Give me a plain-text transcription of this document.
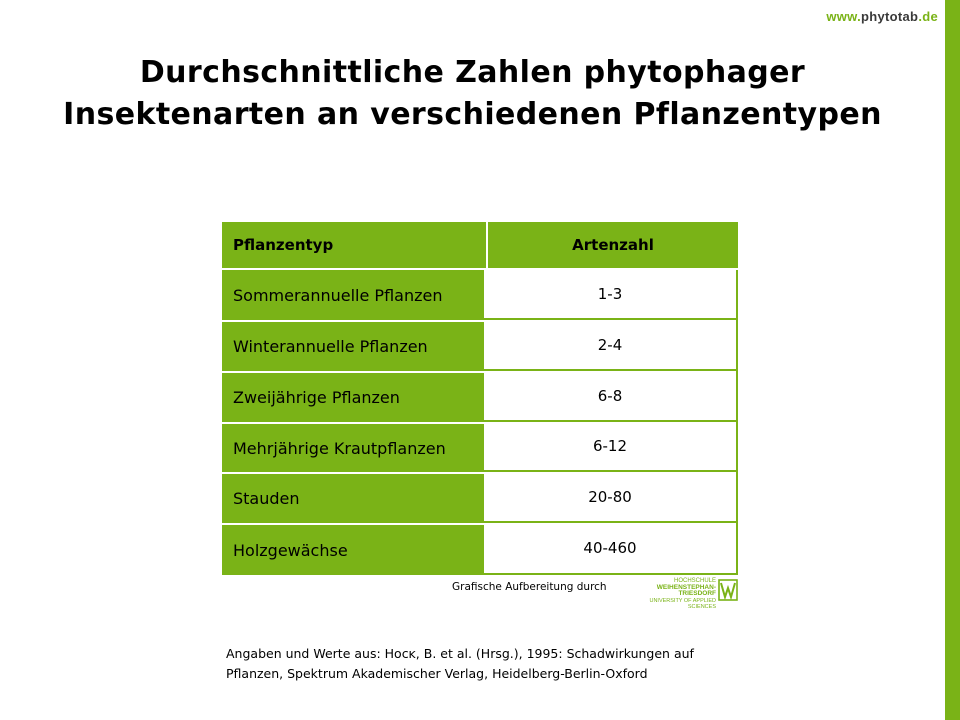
www.phytotab.de
Durchschnittliche Zahlen phytophager
Insektenarten an verschiedenen Pflanzentypen
Pflanzentyp	Artenzahl
Sommerannuelle Pflanzen	1-3
Winterannuelle Pflanzen	2-4
Zweijährige Pflanzen	6-8
Mehrjährige Krautpflanzen	6-12
Stauden	20-80
Holzgewächse	40-460
Grafische Aufbereitung durch	HOCHSCHULE
WEIHENSTEPHAN-TRIESDORF
UNIVERSITY OF APPLIED SCIENCES
Angaben und Werte aus: Hᴏᴄᴋ, B. et al. (Hrsg.), 1995: Schadwirkungen auf
Pflanzen, Spektrum Akademischer Verlag, Heidelberg-Berlin-Oxford
